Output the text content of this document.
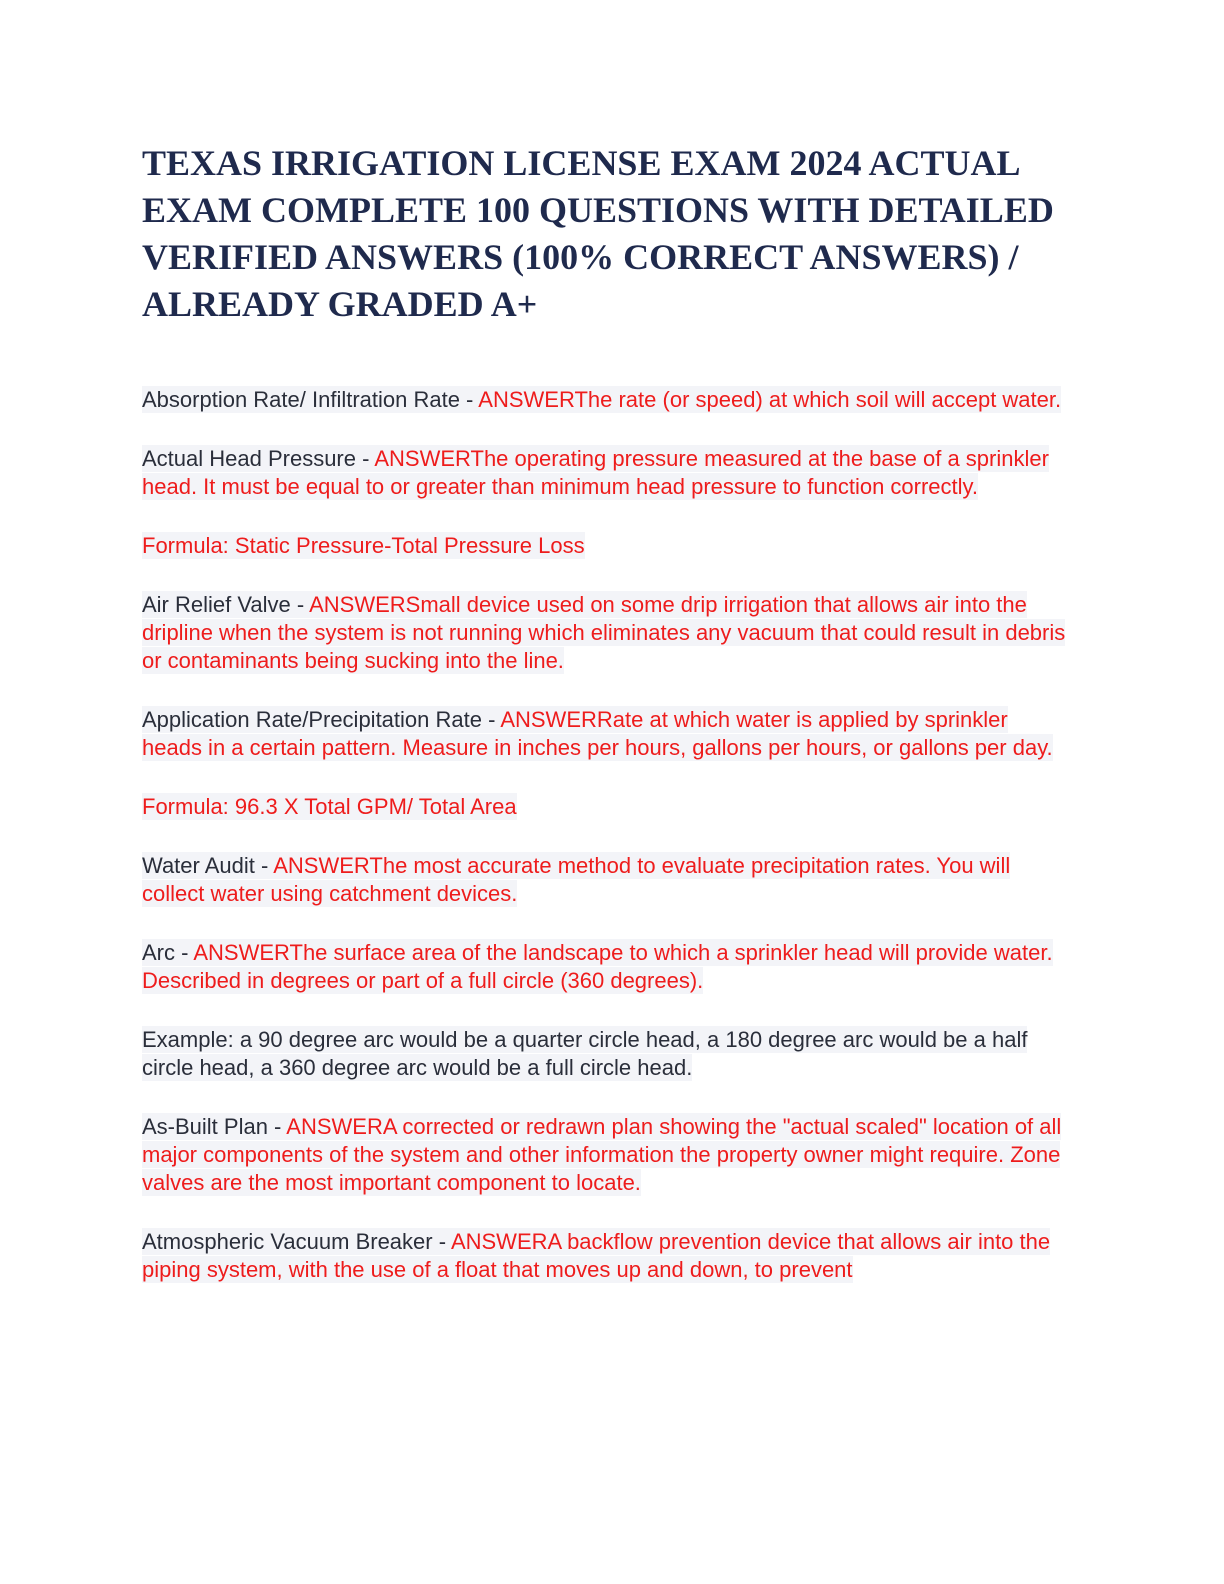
TEXAS IRRIGATION LICENSE EXAM 2024 ACTUAL EXAM COMPLETE 100 QUESTIONS WITH DETAILED VERIFIED ANSWERS (100% CORRECT ANSWERS) / ALREADY GRADED A+

Absorption Rate/ Infiltration Rate - ANSWERThe rate (or speed) at which soil will accept water.

Actual Head Pressure - ANSWERThe operating pressure measured at the base of a sprinkler head. It must be equal to or greater than minimum head pressure to function correctly.

Formula: Static Pressure-Total Pressure Loss

Air Relief Valve - ANSWERSmall device used on some drip irrigation that allows air into the dripline when the system is not running which eliminates any vacuum that could result in debris or contaminants being sucking into the line.

Application Rate/Precipitation Rate - ANSWERRate at which water is applied by sprinkler heads in a certain pattern. Measure in inches per hours, gallons per hours, or gallons per day.

Formula: 96.3 X Total GPM/ Total Area

Water Audit - ANSWERThe most accurate method to evaluate precipitation rates. You will collect water using catchment devices.

Arc - ANSWERThe surface area of the landscape to which a sprinkler head will provide water. Described in degrees or part of a full circle (360 degrees).

Example: a 90 degree arc would be a quarter circle head, a 180 degree arc would be a half circle head, a 360 degree arc would be a full circle head.

As-Built Plan - ANSWERA corrected or redrawn plan showing the "actual scaled" location of all major components of the system and other information the property owner might require. Zone valves are the most important component to locate.

Atmospheric Vacuum Breaker - ANSWERA backflow prevention device that allows air into the piping system, with the use of a float that moves up and down, to prevent
